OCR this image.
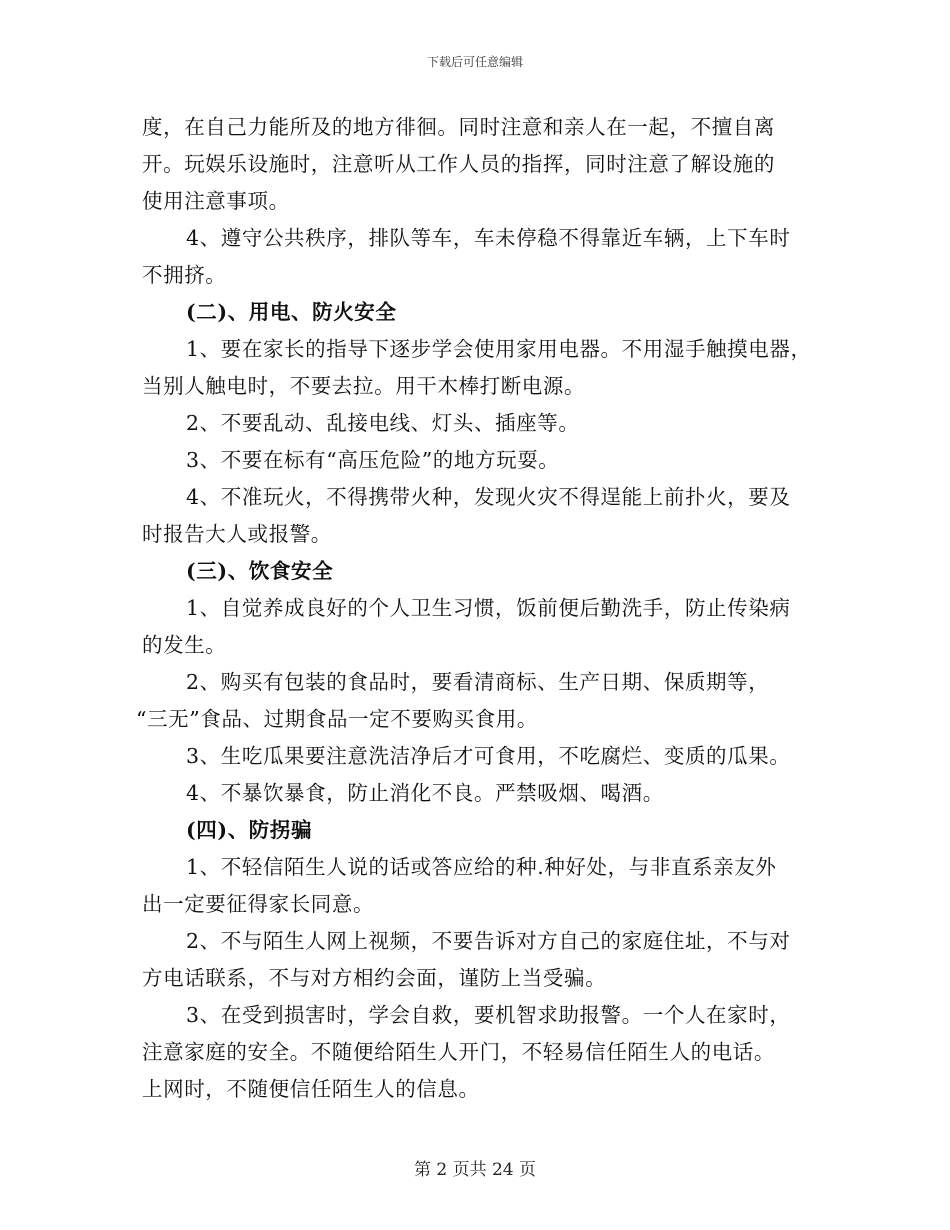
下载后可任意编辑
度，在自己力能所及的地方徘徊。同时注意和亲人在一起，不擅自离
开。玩娱乐设施时，注意听从工作人员的指挥，同时注意了解设施的
使用注意事项。
4、遵守公共秩序，排队等车，车未停稳不得靠近车辆，上下车时
不拥挤。
(二)、用电、防火安全
1、要在家长的指导下逐步学会使用家用电器。不用湿手触摸电器，
当别人触电时，不要去拉。用干木棒打断电源。
2、不要乱动、乱接电线、灯头、插座等。
3、不要在标有“高压危险”的地方玩耍。
4、不准玩火，不得携带火种，发现火灾不得逞能上前扑火，要及
时报告大人或报警。
(三)、饮食安全
1、自觉养成良好的个人卫生习惯，饭前便后勤洗手，防止传染病
的发生。
2、购买有包装的食品时，要看清商标、生产日期、保质期等，
“三无”食品、过期食品一定不要购买食用。
3、生吃瓜果要注意洗洁净后才可食用，不吃腐烂、变质的瓜果。
4、不暴饮暴食，防止消化不良。严禁吸烟、喝酒。
(四)、防拐骗
1、不轻信陌生人说的话或答应给的种.种好处，与非直系亲友外
出一定要征得家长同意。
2、不与陌生人网上视频，不要告诉对方自己的家庭住址，不与对
方电话联系，不与对方相约会面，谨防上当受骗。
3、在受到损害时，学会自救，要机智求助报警。一个人在家时，
注意家庭的安全。不随便给陌生人开门，不轻易信任陌生人的电话。
上网时，不随便信任陌生人的信息。
第 2 页共 24 页
